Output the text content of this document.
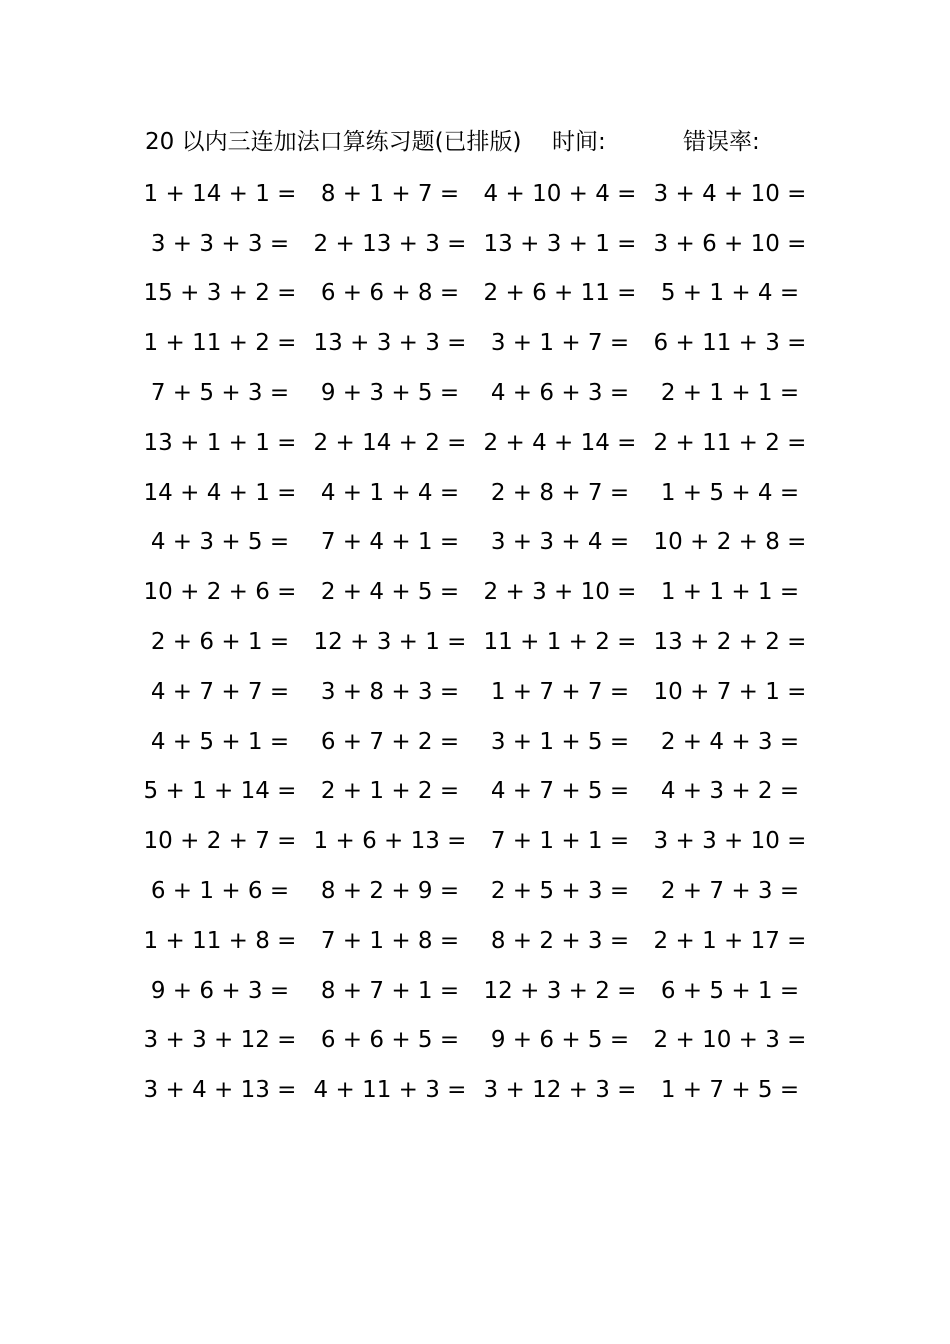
20 以内三连加法口算练习题(已排版) 时间:	错误率:
1 + 14 + 1 =	8 + 1 + 7 =	4 + 10 + 4 = 3 + 4 + 10 =
3 + 3 + 3 =	2 + 13 + 3 = 13 + 3 + 1 = 3 + 6 + 10 =
15 + 3 + 2 =	6 + 6 + 8 =	2 + 6 + 11 =	5 + 1 + 4 =
1 + 11 + 2 = 13 + 3 + 3 =	3 + 1 + 7 =	6 + 11 + 3 =
7 + 5 + 3 =	9 + 3 + 5 =	4 + 6 + 3 =	2 + 1 + 1 =
13 + 1 + 1 = 2 + 14 + 2 = 2 + 4 + 14 = 2 + 11 + 2 =
14 + 4 + 1 =	4 + 1 + 4 =	2 + 8 + 7 =	1 + 5 + 4 =
4 + 3 + 5 =	7 + 4 + 1 =	3 + 3 + 4 =	10 + 2 + 8 =
10 + 2 + 6 =	2 + 4 + 5 =	2 + 3 + 10 =	1 + 1 + 1 =
2 + 6 + 1 =	12 + 3 + 1 = 11 + 1 + 2 = 13 + 2 + 2 =
4 + 7 + 7 =	3 + 8 + 3 =	1 + 7 + 7 =	10 + 7 + 1 =
4 + 5 + 1 =	6 + 7 + 2 =	3 + 1 + 5 =	2 + 4 + 3 =
5 + 1 + 14 =	2 + 1 + 2 =	4 + 7 + 5 =	4 + 3 + 2 =
10 + 2 + 7 = 1 + 6 + 13 =	7 + 1 + 1 =	3 + 3 + 10 =
6 + 1 + 6 =	8 + 2 + 9 =	2 + 5 + 3 =	2 + 7 + 3 =
1 + 11 + 8 =	7 + 1 + 8 =	8 + 2 + 3 =	2 + 1 + 17 =
9 + 6 + 3 =	8 + 7 + 1 =	12 + 3 + 2 =	6 + 5 + 1 =
3 + 3 + 12 =	6 + 6 + 5 =	9 + 6 + 5 =	2 + 10 + 3 =
3 + 4 + 13 = 4 + 11 + 3 = 3 + 12 + 3 =	1 + 7 + 5 =
